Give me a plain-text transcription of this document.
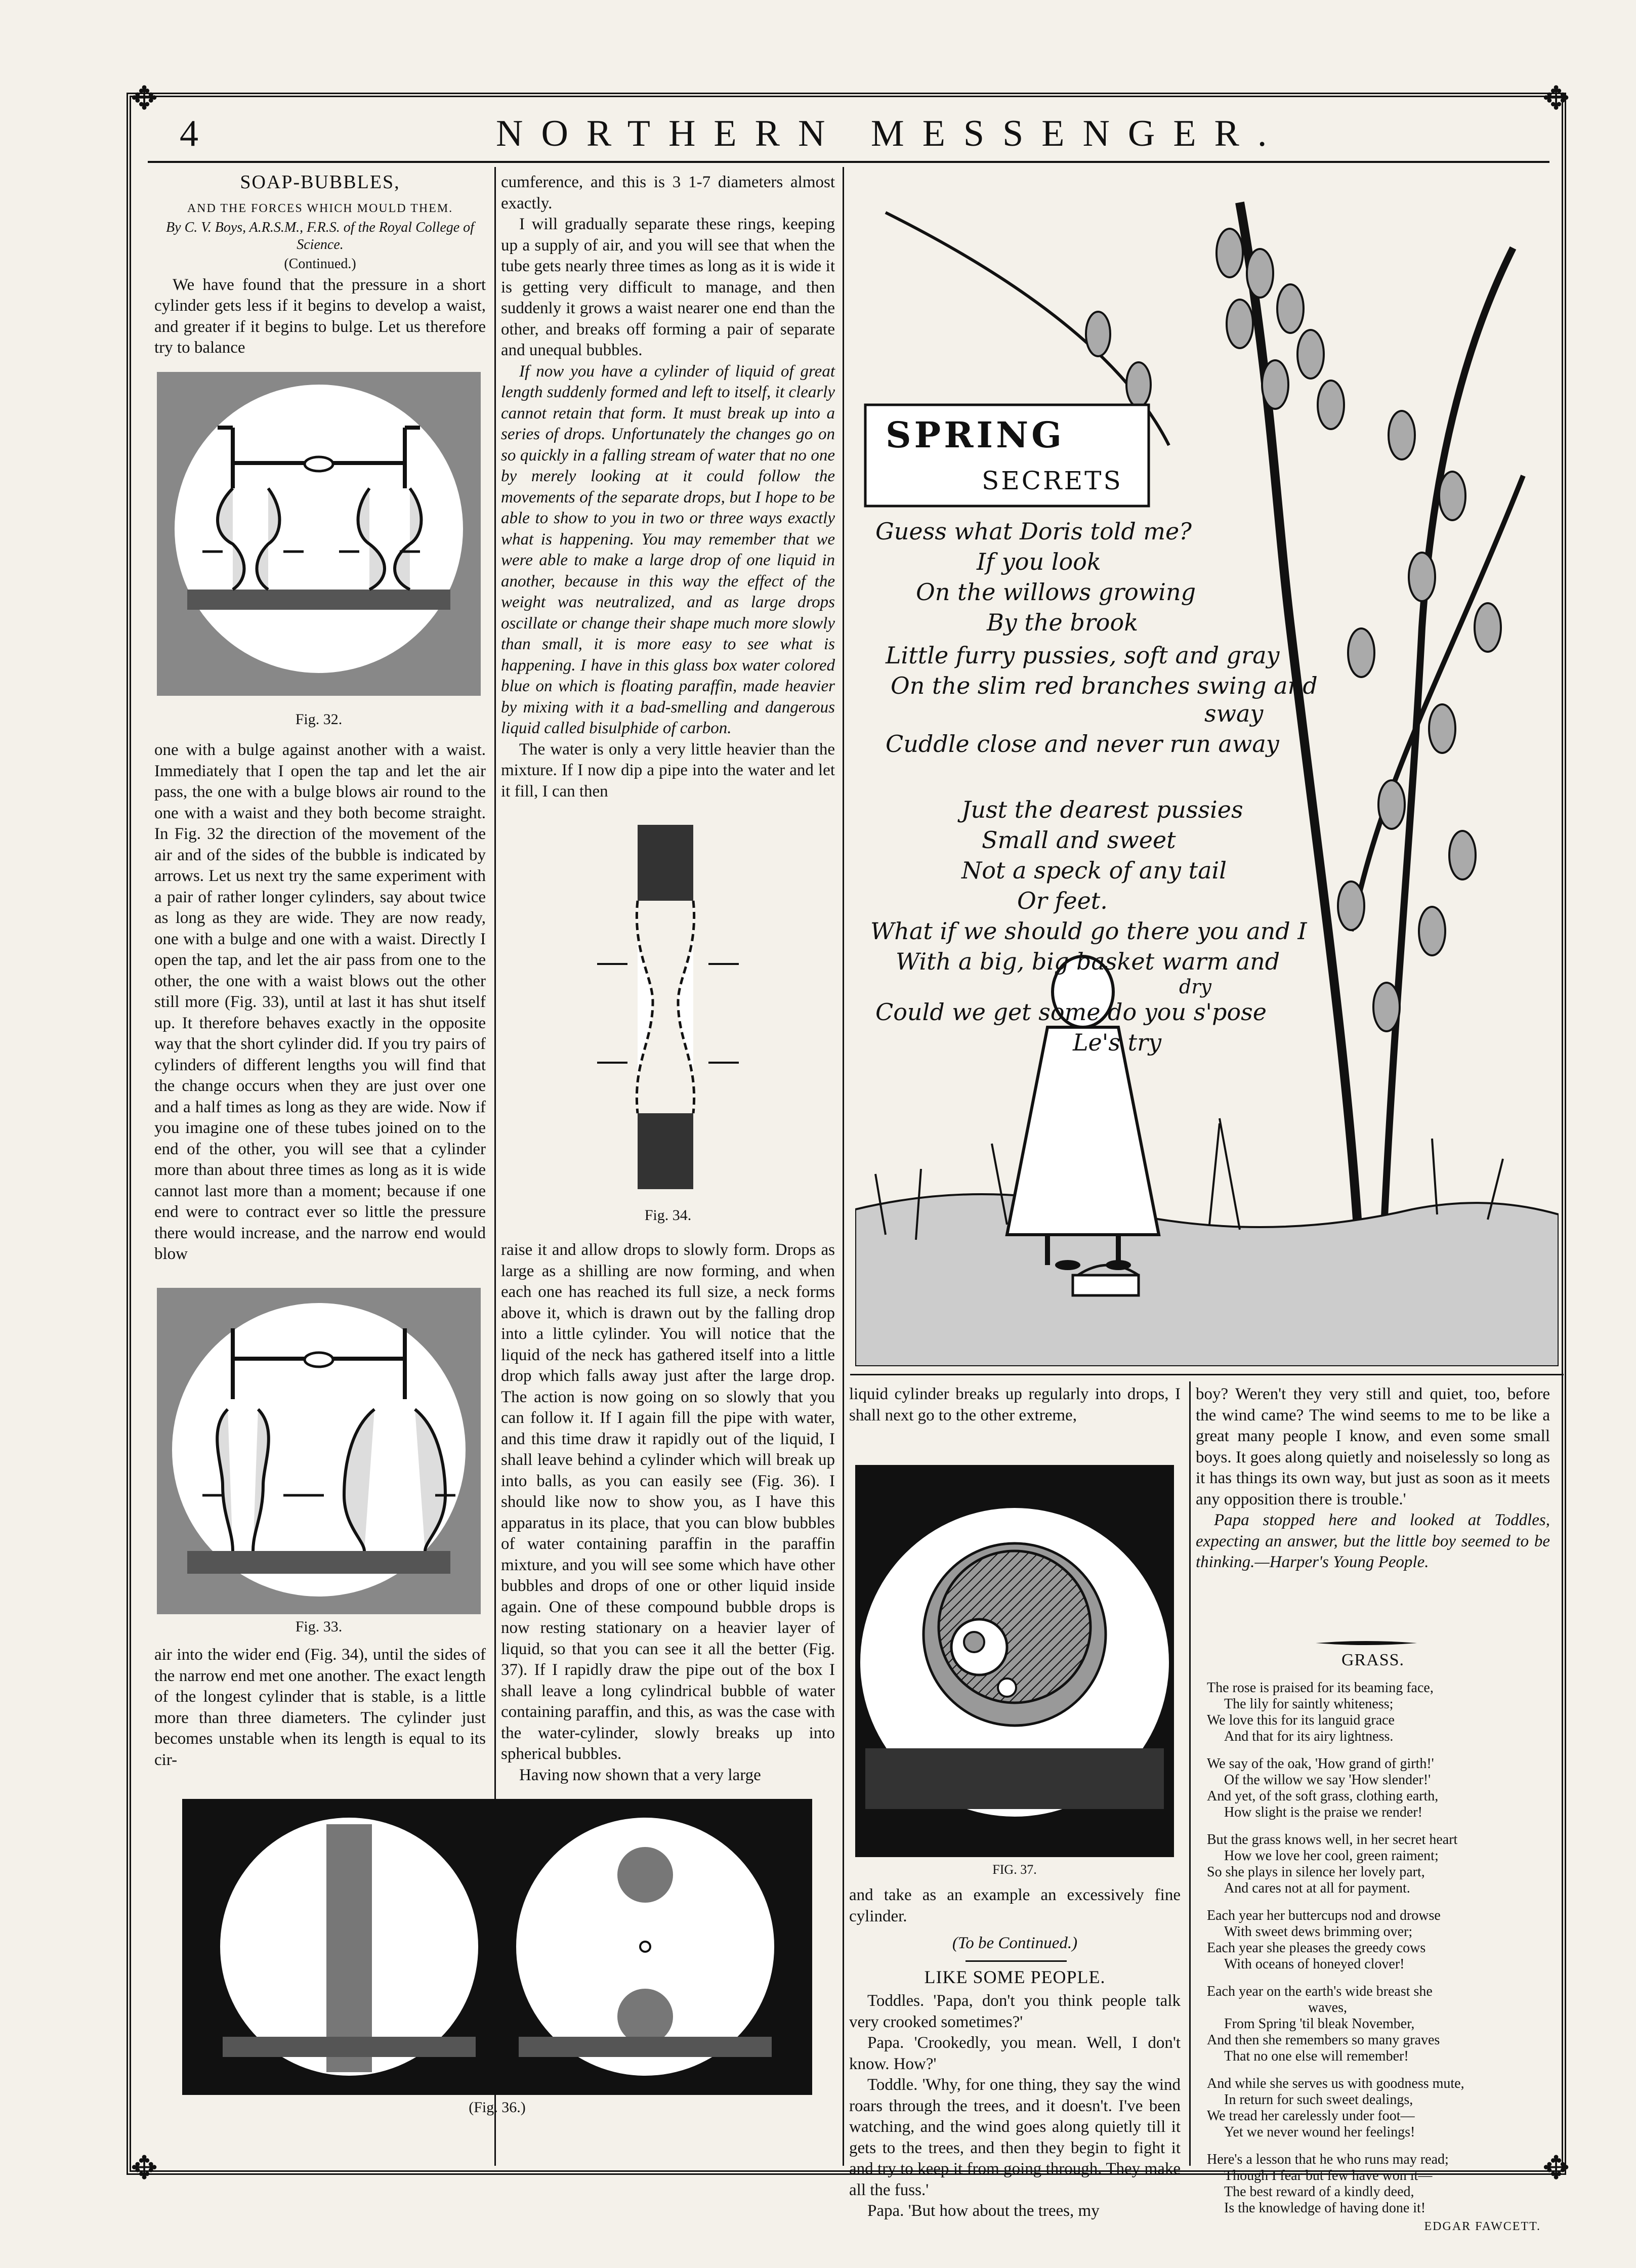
✥	✥
✥	✥
4	NORTHERN MESSENGER.
SOAP-BUBBLES,
AND THE FORCES WHICH MOULD THEM.
By C. V. Boys, A.R.S.M., F.R.S. of the Royal College of Science.
(Continued.)

We have found that the pressure in a short cylinder gets less if it begins to develop a waist, and greater if it begins to bulge. Let us therefore try to balance

Fig. 32.

one with a bulge against another with a waist. Immediately that I open the tap and let the air pass, the one with a bulge blows air round to the one with a waist and they both become straight. In Fig. 32 the direction of the movement of the air and of the sides of the bubble is indicated by arrows. Let us next try the same experiment with a pair of rather longer cylinders, say about twice as long as they are wide. They are now ready, one with a bulge and one with a waist. Directly I open the tap, and let the air pass from one to the other, the one with a waist blows out the other still more (Fig. 33), until at last it has shut itself up. It therefore behaves exactly in the opposite way that the short cylinder did. If you try pairs of cylinders of different lengths you will find that the change occurs when they are just over one and a half times as long as they are wide. Now if you imagine one of these tubes joined on to the end of the other, you will see that a cylinder more than about three times as long as it is wide cannot last more than a moment; because if one end were to contract ever so little the pressure there would increase, and the narrow end would blow

Fig. 33.

air into the wider end (Fig. 34), until the sides of the narrow end met one another. The exact length of the longest cylinder that is stable, is a little more than three diameters. The cylinder just becomes unstable when its length is equal to its cir-

cumference, and this is 3 1-7 diameters almost exactly.

I will gradually separate these rings, keeping up a supply of air, and you will see that when the tube gets nearly three times as long as it is wide it is getting very difficult to manage, and then suddenly it grows a waist nearer one end than the other, and breaks off forming a pair of separate and unequal bubbles.

If now you have a cylinder of liquid of great length suddenly formed and left to itself, it clearly cannot retain that form. It must break up into a series of drops. Unfortunately the changes go on so quickly in a falling stream of water that no one by merely looking at it could follow the movements of the separate drops, but I hope to be able to show to you in two or three ways exactly what is happening. You may remember that we were able to make a large drop of one liquid in another, because in this way the effect of the weight was neutralized, and as large drops oscillate or change their shape much more slowly than small, it is more easy to see what is happening. I have in this glass box water colored blue on which is floating paraffin, made heavier by mixing with it a bad-smelling and dangerous liquid called bisulphide of carbon.

The water is only a very little heavier than the mixture. If I now dip a pipe into the water and let it fill, I can then

Fig. 34.

raise it and allow drops to slowly form. Drops as large as a shilling are now forming, and when each one has reached its full size, a neck forms above it, which is drawn out by the falling drop into a little cylinder. You will notice that the liquid of the neck has gathered itself into a little drop which falls away just after the large drop. The action is now going on so slowly that you can follow it. If I again fill the pipe with water, and this time draw it rapidly out of the liquid, I shall leave behind a cylinder which will break up into balls, as you can easily see (Fig. 36). I should like now to show you, as I have this apparatus in its place, that you can blow bubbles of water containing paraffin in the paraffin mixture, and you will see some which have other bubbles and drops of one or other liquid inside again. One of these compound bubble drops is now resting stationary on a heavier layer of liquid, so that you can see it all the better (Fig. 37). If I rapidly draw the pipe out of the box I shall leave a long cylindrical bubble of water containing paraffin, and this, as was the case with the water-cylinder, slowly breaks up into spherical bubbles.

Having now shown that a very large

(Fig. 36.)
SPRING
SECRETS
Guess what Doris told me?
If you look
On the willows growing
By the brook
Little furry pussies, soft and gray
On the slim red branches swing and
sway
Cuddle close and never run away
Just the dearest pussies
Small and sweet
Not a speck of any tail
Or feet.
What if we should go there you and I
With a big, big basket warm and
dry
Could we get some do you s'pose
Le's try

liquid cylinder breaks up regularly into drops, I shall next go to the other extreme,

FIG. 37.

and take as an example an excessively fine cylinder.

(To be Continued.)
LIKE SOME PEOPLE.

Toddles. 'Papa, don't you think people talk very crooked sometimes?'

Papa. 'Crookedly, you mean. Well, I don't know. How?'

Toddle. 'Why, for one thing, they say the wind roars through the trees, and it doesn't. I've been watching, and the wind goes along quietly till it gets to the trees, and then they begin to fight it and try to keep it from going through. They make all the fuss.'

Papa. 'But how about the trees, my

boy? Weren't they very still and quiet, too, before the wind came? The wind seems to me to be like a great many people I know, and even some small boys. It goes along quietly and noiselessly so long as it has things its own way, but just as soon as it meets any opposition there is trouble.'

Papa stopped here and looked at Toddles, expecting an answer, but the little boy seemed to be thinking.—Harper's Young People.

GRASS.
The rose is praised for its beaming face,
The lily for saintly whiteness;
We love this for its languid grace
And that for its airy lightness.
We say of the oak, 'How grand of girth!'
Of the willow we say 'How slender!'
And yet, of the soft grass, clothing earth,
How slight is the praise we render!
But the grass knows well, in her secret heart
How we love her cool, green raiment;
So she plays in silence her lovely part,
And cares not at all for payment.
Each year her buttercups nod and drowse
With sweet dews brimming over;
Each year she pleases the greedy cows
With oceans of honeyed clover!
Each year on the earth's wide breast she
waves,
From Spring 'til bleak November,
And then she remembers so many graves
That no one else will remember!
And while she serves us with goodness mute,
In return for such sweet dealings,
We tread her carelessly under foot—
Yet we never wound her feelings!
Here's a lesson that he who runs may read;
Though I fear but few have won it—
The best reward of a kindly deed,
Is the knowledge of having done it!
EDGAR FAWCETT.
